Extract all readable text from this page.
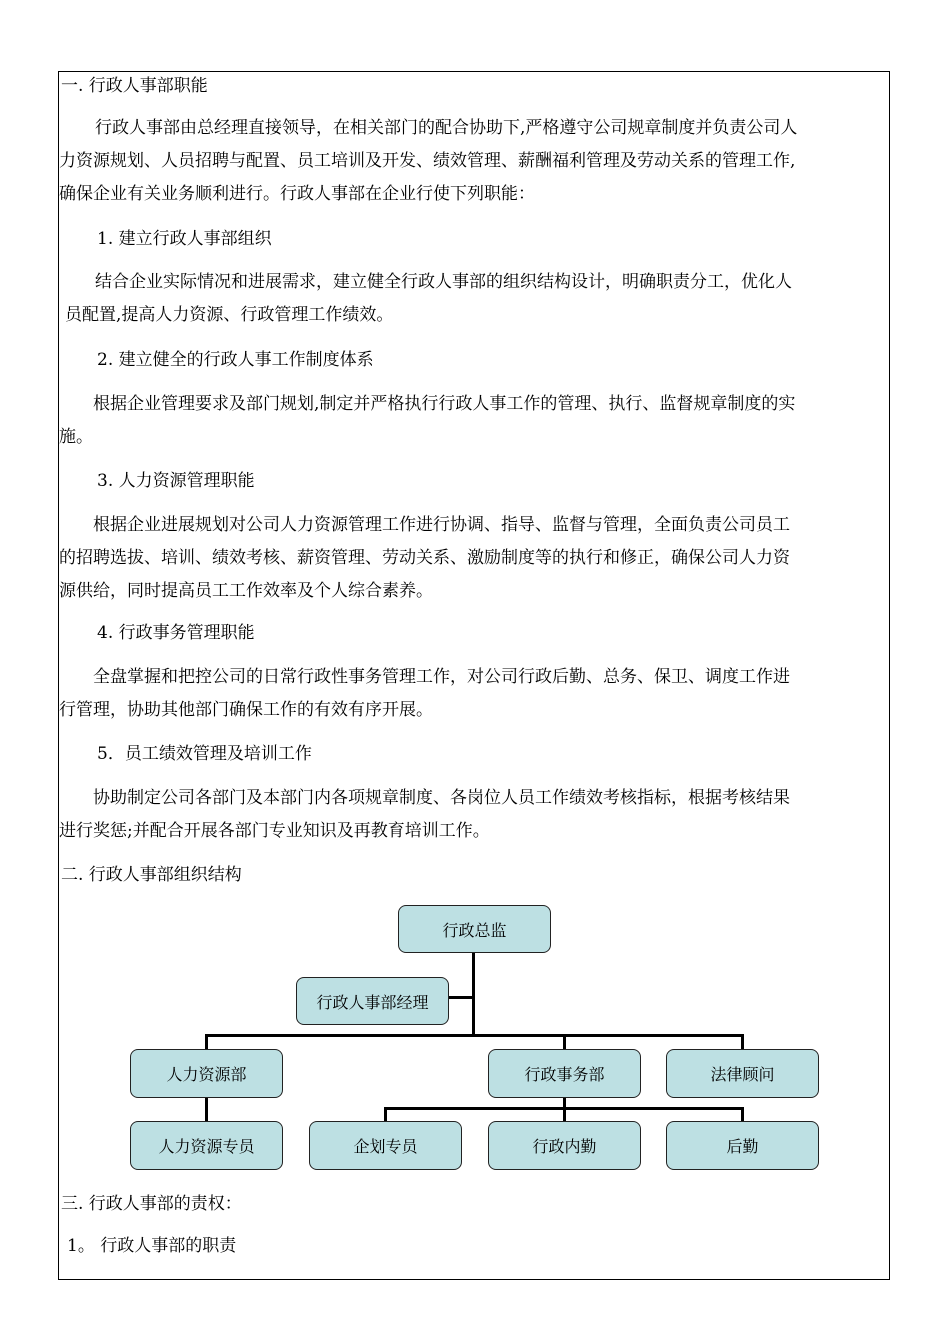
一. 行政人事部职能
行政人事部由总经理直接领导，在相关部门的配合协助下,严格遵守公司规章制度并负责公司人
力资源规划、人员招聘与配置、员工培训及开发、绩效管理、薪酬福利管理及劳动关系的管理工作,
确保企业有关业务顺利进行。行政人事部在企业行使下列职能：
1. 建立行政人事部组织
结合企业实际情况和进展需求，建立健全行政人事部的组织结构设计，明确职责分工，优化人
员配置,提高人力资源、行政管理工作绩效。
2. 建立健全的行政人事工作制度体系
根据企业管理要求及部门规划,制定并严格执行行政人事工作的管理、执行、监督规章制度的实
施。
3. 人力资源管理职能
根据企业进展规划对公司人力资源管理工作进行协调、指导、监督与管理，全面负责公司员工
的招聘选拔、培训、绩效考核、薪资管理、劳动关系、激励制度等的执行和修正，确保公司人力资
源供给，同时提高员工工作效率及个人综合素养。
4. 行政事务管理职能
全盘掌握和把控公司的日常行政性事务管理工作，对公司行政后勤、总务、保卫、调度工作进
行管理，协助其他部门确保工作的有效有序开展。
5．员工绩效管理及培训工作
协助制定公司各部门及本部门内各项规章制度、各岗位人员工作绩效考核指标，根据考核结果
进行奖惩;并配合开展各部门专业知识及再教育培训工作。
二. 行政人事部组织结构
行政总监
行政人事部经理
人力资源部	行政事务部	法律顾问
人力资源专员	企划专员	行政内勤	后勤
三. 行政人事部的责权：
1。 行政人事部的职责
